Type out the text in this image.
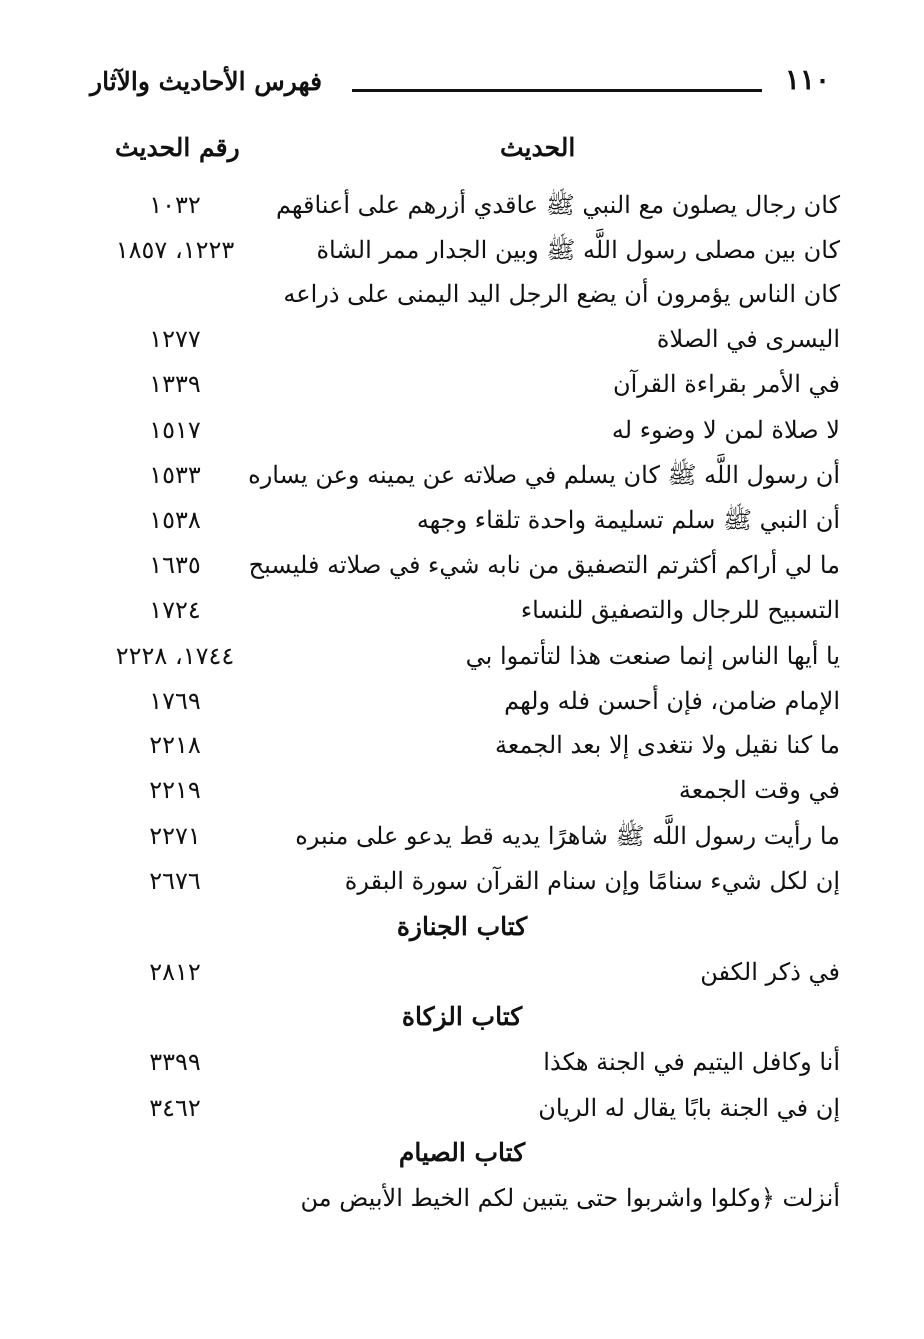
١١٠
فهرس الأحاديث والآثار
الحديث
رقم الحديث
كان رجال يصلون مع النبي ﷺ عاقدي أزرهم على أعناقهم
١٠٣٢
كان بين مصلى رسول اللَّه ﷺ وبين الجدار ممر الشاة
١٢٢٣، ١٨٥٧
كان الناس يؤمرون أن يضع الرجل اليد اليمنى على ذراعه
اليسرى في الصلاة
١٢٧٧
في الأمر بقراءة القرآن
١٣٣٩
لا صلاة لمن لا وضوء له
١٥١٧
أن رسول اللَّه ﷺ كان يسلم في صلاته عن يمينه وعن يساره
١٥٣٣
أن النبي ﷺ سلم تسليمة واحدة تلقاء وجهه
١٥٣٨
ما لي أراكم أكثرتم التصفيق من نابه شيء في صلاته فليسبح
١٦٣٥
التسبيح للرجال والتصفيق للنساء
١٧٢٤
يا أيها الناس إنما صنعت هذا لتأتموا بي
١٧٤٤، ٢٢٢٨
الإمام ضامن، فإن أحسن فله ولهم
١٧٦٩
ما كنا نقيل ولا نتغدى إلا بعد الجمعة
٢٢١٨
في وقت الجمعة
٢٢١٩
ما رأيت رسول اللَّه ﷺ شاهرًا يديه قط يدعو على منبره
٢٢٧١
إن لكل شيء سنامًا وإن سنام القرآن سورة البقرة
٢٦٧٦
كتاب الجنازة
في ذكر الكفن
٢٨١٢
كتاب الزكاة
أنا وكافل اليتيم في الجنة هكذا
٣٣٩٩
إن في الجنة بابًا يقال له الريان
٣٤٦٢
كتاب الصيام
أنزلت ﴿وكلوا واشربوا حتى يتبين لكم الخيط الأبيض من
